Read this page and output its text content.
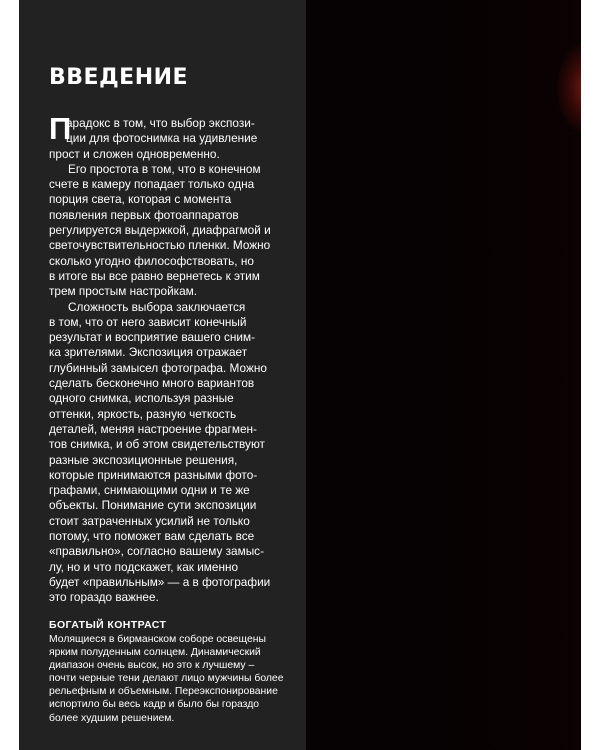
ВВЕДЕНИЕ
П
арадокс в том, что выбор экспози-
ции для фотоснимка на удивление
прост и сложен одновременно.
Его простота в том, что в конечном
счете в камеру попадает только одна
порция света, которая с момента
появления первых фотоаппаратов
регулируется выдержкой, диафрагмой и
светочувствительностью пленки. Можно
сколько угодно философствовать, но
в итоге вы все равно вернетесь к этим
трем простым настройкам.
Сложность выбора заключается
в том, что от него зависит конечный
результат и восприятие вашего сним-
ка зрителями. Экспозиция отражает
глубинный замысел фотографа. Можно
сделать бесконечно много вариантов
одного снимка, используя разные
оттенки, яркость, разную четкость
деталей, меняя настроение фрагмен-
тов снимка, и об этом свидетельствуют
разные экспозиционные решения,
которые принимаются разными фото-
графами, снимающими одни и те же
объекты. Понимание сути экспозиции
стоит затраченных усилий не только
потому, что поможет вам сделать все
«правильно», согласно вашему замыс-
лу, но и что подскажет, как именно
будет «правильным» — а в фотографии
это гораздо важнее.
БОГАТЫЙ КОНТРАСТ
Молящиеся в бирманском соборе освещены
ярким полуденным солнцем. Динамический
диапазон очень высок, но это к лучшему –
почти черные тени делают лицо мужчины более
рельефным и объемным. Переэкспонирование
испортило бы весь кадр и было бы гораздо
более худшим решением.
